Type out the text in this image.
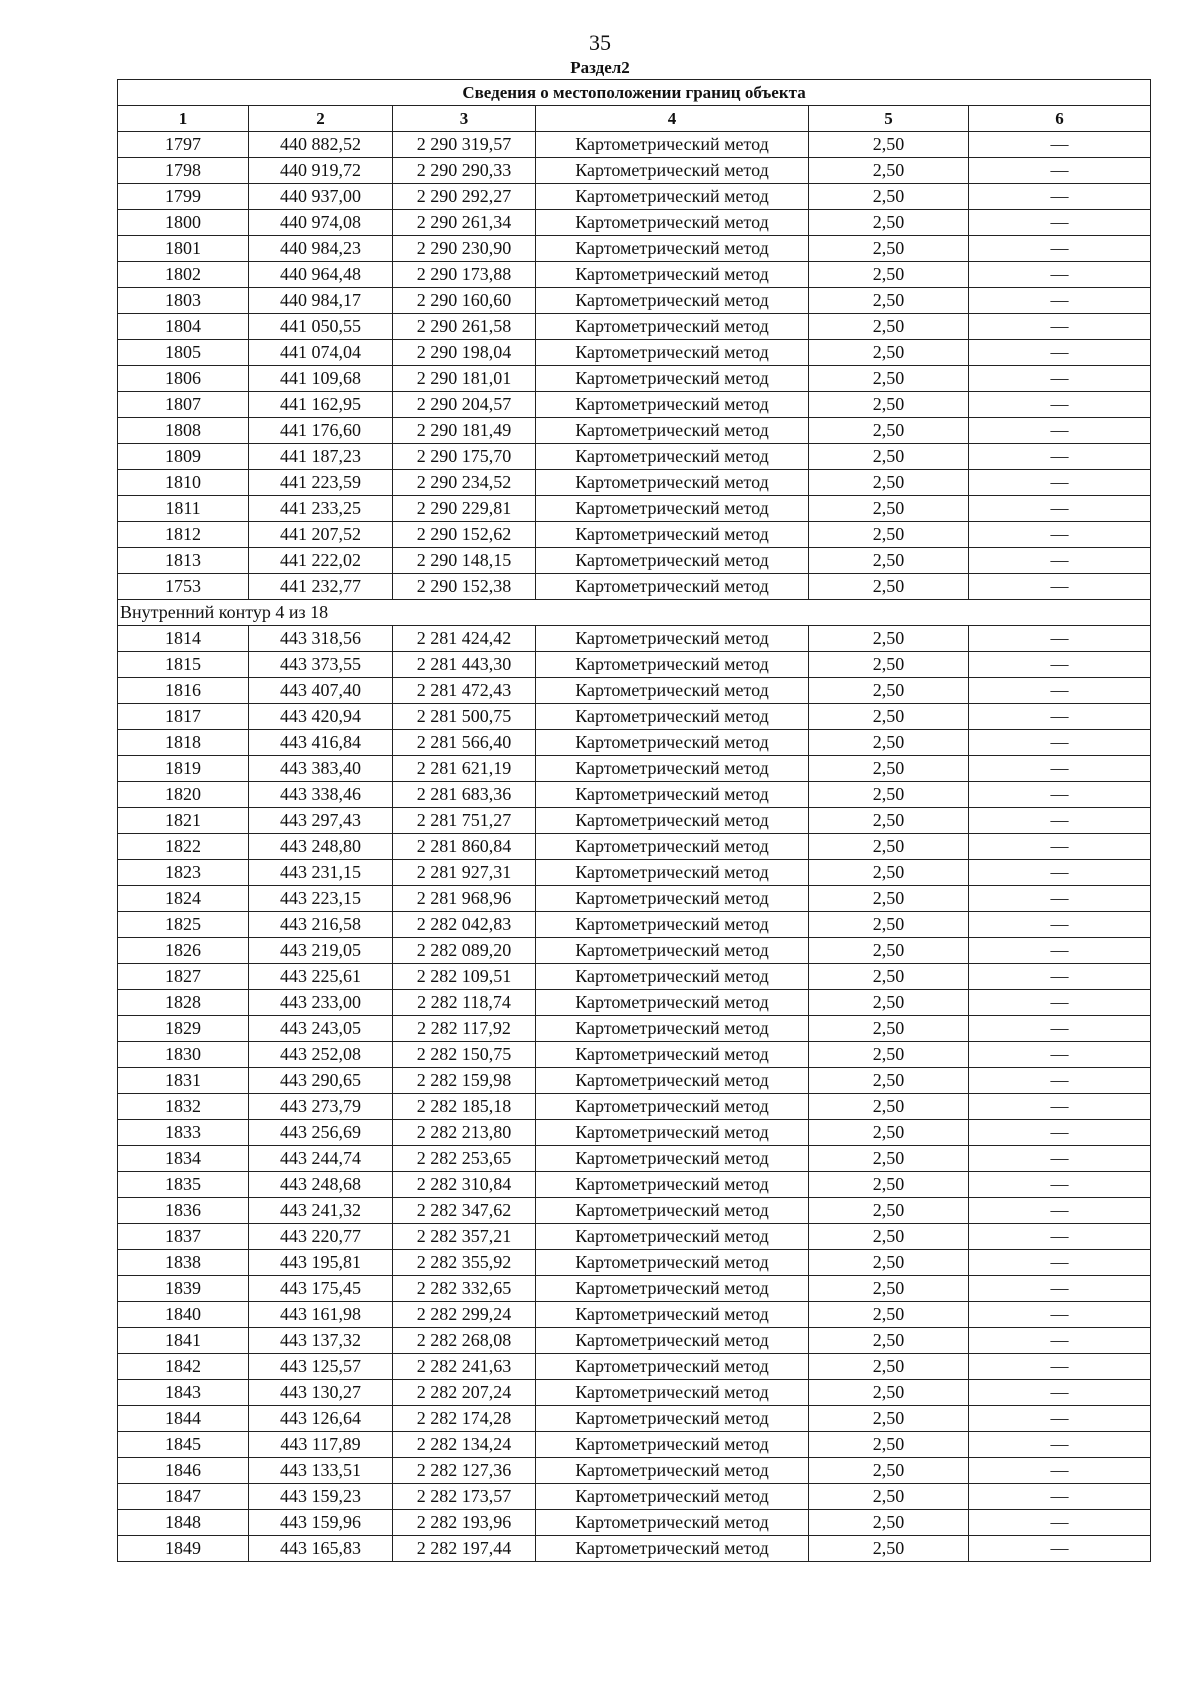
35
Раздел2
Сведения о местоположении границ объекта					
1	2	3	4	5	6
1797	440 882,52	2 290 319,57	Картометрический метод	2,50	—
1798	440 919,72	2 290 290,33	Картометрический метод	2,50	—
1799	440 937,00	2 290 292,27	Картометрический метод	2,50	—
1800	440 974,08	2 290 261,34	Картометрический метод	2,50	—
1801	440 984,23	2 290 230,90	Картометрический метод	2,50	—
1802	440 964,48	2 290 173,88	Картометрический метод	2,50	—
1803	440 984,17	2 290 160,60	Картометрический метод	2,50	—
1804	441 050,55	2 290 261,58	Картометрический метод	2,50	—
1805	441 074,04	2 290 198,04	Картометрический метод	2,50	—
1806	441 109,68	2 290 181,01	Картометрический метод	2,50	—
1807	441 162,95	2 290 204,57	Картометрический метод	2,50	—
1808	441 176,60	2 290 181,49	Картометрический метод	2,50	—
1809	441 187,23	2 290 175,70	Картометрический метод	2,50	—
1810	441 223,59	2 290 234,52	Картометрический метод	2,50	—
1811	441 233,25	2 290 229,81	Картометрический метод	2,50	—
1812	441 207,52	2 290 152,62	Картометрический метод	2,50	—
1813	441 222,02	2 290 148,15	Картометрический метод	2,50	—
1753	441 232,77	2 290 152,38	Картометрический метод	2,50	—
Внутренний контур 4 из 18					
1814	443 318,56	2 281 424,42	Картометрический метод	2,50	—
1815	443 373,55	2 281 443,30	Картометрический метод	2,50	—
1816	443 407,40	2 281 472,43	Картометрический метод	2,50	—
1817	443 420,94	2 281 500,75	Картометрический метод	2,50	—
1818	443 416,84	2 281 566,40	Картометрический метод	2,50	—
1819	443 383,40	2 281 621,19	Картометрический метод	2,50	—
1820	443 338,46	2 281 683,36	Картометрический метод	2,50	—
1821	443 297,43	2 281 751,27	Картометрический метод	2,50	—
1822	443 248,80	2 281 860,84	Картометрический метод	2,50	—
1823	443 231,15	2 281 927,31	Картометрический метод	2,50	—
1824	443 223,15	2 281 968,96	Картометрический метод	2,50	—
1825	443 216,58	2 282 042,83	Картометрический метод	2,50	—
1826	443 219,05	2 282 089,20	Картометрический метод	2,50	—
1827	443 225,61	2 282 109,51	Картометрический метод	2,50	—
1828	443 233,00	2 282 118,74	Картометрический метод	2,50	—
1829	443 243,05	2 282 117,92	Картометрический метод	2,50	—
1830	443 252,08	2 282 150,75	Картометрический метод	2,50	—
1831	443 290,65	2 282 159,98	Картометрический метод	2,50	—
1832	443 273,79	2 282 185,18	Картометрический метод	2,50	—
1833	443 256,69	2 282 213,80	Картометрический метод	2,50	—
1834	443 244,74	2 282 253,65	Картометрический метод	2,50	—
1835	443 248,68	2 282 310,84	Картометрический метод	2,50	—
1836	443 241,32	2 282 347,62	Картометрический метод	2,50	—
1837	443 220,77	2 282 357,21	Картометрический метод	2,50	—
1838	443 195,81	2 282 355,92	Картометрический метод	2,50	—
1839	443 175,45	2 282 332,65	Картометрический метод	2,50	—
1840	443 161,98	2 282 299,24	Картометрический метод	2,50	—
1841	443 137,32	2 282 268,08	Картометрический метод	2,50	—
1842	443 125,57	2 282 241,63	Картометрический метод	2,50	—
1843	443 130,27	2 282 207,24	Картометрический метод	2,50	—
1844	443 126,64	2 282 174,28	Картометрический метод	2,50	—
1845	443 117,89	2 282 134,24	Картометрический метод	2,50	—
1846	443 133,51	2 282 127,36	Картометрический метод	2,50	—
1847	443 159,23	2 282 173,57	Картометрический метод	2,50	—
1848	443 159,96	2 282 193,96	Картометрический метод	2,50	—
1849	443 165,83	2 282 197,44	Картометрический метод	2,50	—
